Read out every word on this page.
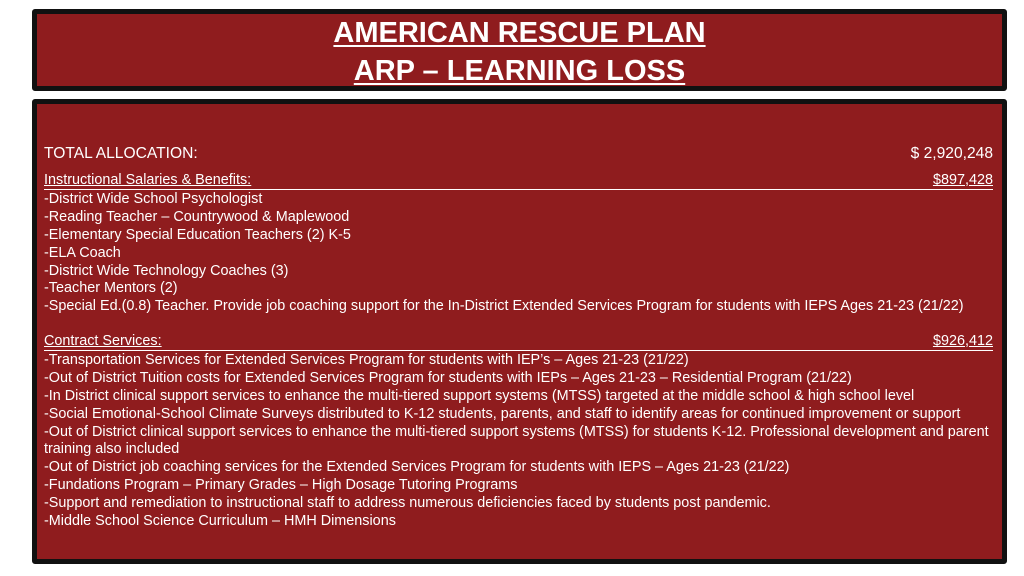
AMERICAN RESCUE PLAN
ARP – LEARNING LOSS
TOTAL ALLOCATION:	$ 2,920,248
Instructional Salaries & Benefits:	$897,428
-District Wide School Psychologist
-Reading Teacher – Countrywood & Maplewood
-Elementary Special Education Teachers (2) K-5
-ELA Coach
-District Wide Technology Coaches (3)
-Teacher Mentors (2)
-Special Ed.(0.8) Teacher. Provide job coaching support for the In-District Extended Services Program for students with IEPS Ages 21-23 (21/22)
Contract Services:	$926,412
-Transportation Services for Extended Services Program for students with IEP’s – Ages 21-23 (21/22)
-Out of District Tuition costs for Extended Services Program for students with IEPs – Ages 21-23 – Residential Program (21/22)
-In District clinical support services to enhance the multi-tiered support systems (MTSS) targeted at the middle school & high school level
-Social Emotional-School Climate Surveys distributed to K-12 students, parents, and staff to identify areas for continued improvement or support
-Out of District clinical support services to enhance the multi-tiered support systems (MTSS) for students K-12. Professional development and parent training also included
-Out of District job coaching services for the Extended Services Program for students with IEPS – Ages 21-23 (21/22)
-Fundations Program – Primary Grades – High Dosage Tutoring Programs
-Support and remediation to instructional staff to address numerous deficiencies faced by students post pandemic.
-Middle School Science Curriculum – HMH Dimensions
